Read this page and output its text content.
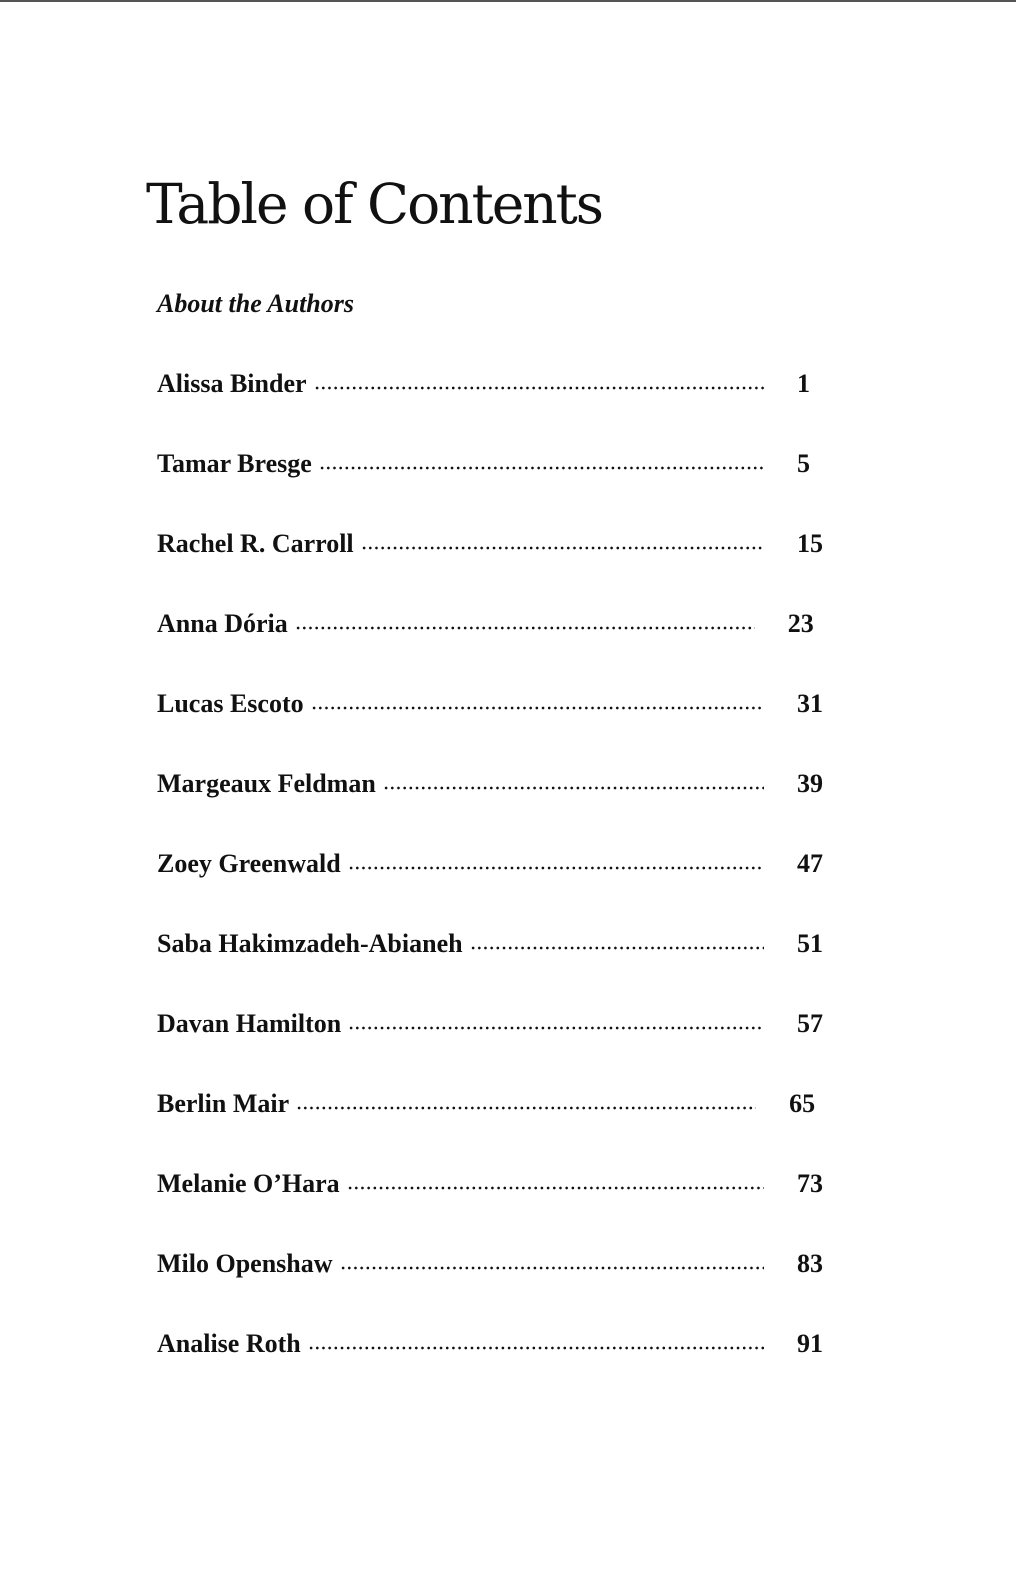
Table of Contents
About the Authors
Alissa Binder	1
Tamar Bresge	5
Rachel R. Carroll	15
Anna Dória	23
Lucas Escoto	31
Margeaux Feldman	39
Zoey Greenwald	47
Saba Hakimzadeh-Abianeh	51
Davan Hamilton	57
Berlin Mair	65
Melanie O’Hara	73
Milo Openshaw	83
Analise Roth	91
